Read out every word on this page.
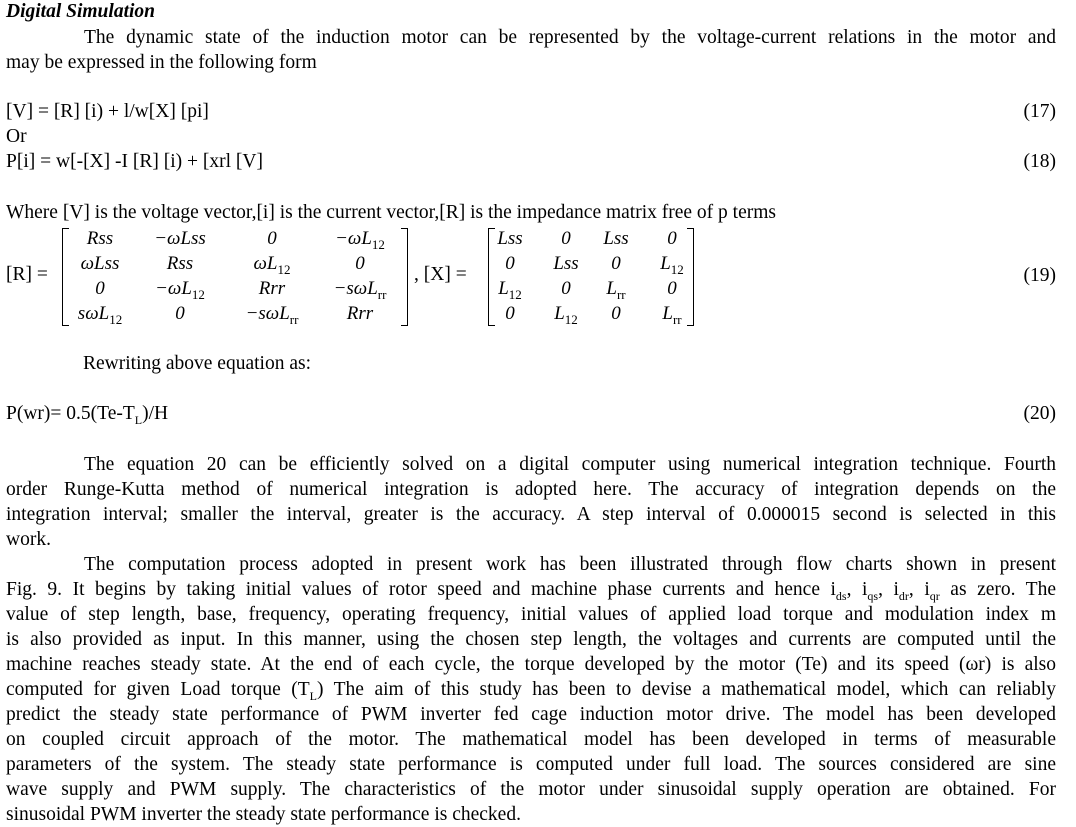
Digital Simulation
The dynamic state of the induction motor can be represented by the voltage-current relations in the motor and
may be expressed in the following form
[V] = [R] [i) + l/w[X] [pi]	(17)
Or
P[i] = w[-[X] -I [R] [i) + [xrl [V]	(18)
Where [V] is the voltage vector,[i] is the current vector,[R] is the impedance matrix free of p terms
[R] =
Rss −ωLss	0	$-\omega L_{12}$
ωLss Rss	$\omega L_{12}$	0
0	$-\omega L_{12}$	Rrr	−sωL$_{rr}$
sωL$_{12}$	0	−sωL$_{rr}$	Rrr
, [X] =
Lss 0 Lss 0
0 Lss 0 $L_{12}$
$L_{12}$ 0 $L_{rr}$ 0
0 $L_{12}$ 0 $L_{rr}$
(19)
Rewriting above equation as:
$P(wr)= 0.5(Te-T_L)/H$	(20)
The equation 20 can be efficiently solved on a digital computer using numerical integration technique. Fourth
order Runge-Kutta method of numerical integration is adopted here. The accuracy of integration depends on the
integration interval; smaller the interval, greater is the accuracy. A step interval of 0.000015 second is selected in this
work.
The computation process adopted in present work has been illustrated through flow charts shown in present
Fig. 9. It begins by taking initial values of rotor speed and machine phase currents and hence $i_{ds}$, $i_{qs}$, $i_{dr}$, $i_{qr}$ as zero. The
value of step length, base, frequency, operating frequency, initial values of applied load torque and modulation index m
is also provided as input. In this manner, using the chosen step length, the voltages and currents are computed until the
machine reaches steady state. At the end of each cycle, the torque developed by the motor (Te) and its speed (ωr) is also
computed for given Load torque $(T_L)$ The aim of this study has been to devise a mathematical model, which can reliably
predict the steady state performance of PWM inverter fed cage induction motor drive. The model has been developed
on coupled circuit approach of the motor. The mathematical model has been developed in terms of measurable
parameters of the system. The steady state performance is computed under full load. The sources considered are sine
wave supply and PWM supply. The characteristics of the motor under sinusoidal supply operation are obtained. For
sinusoidal PWM inverter the steady state performance is checked.
